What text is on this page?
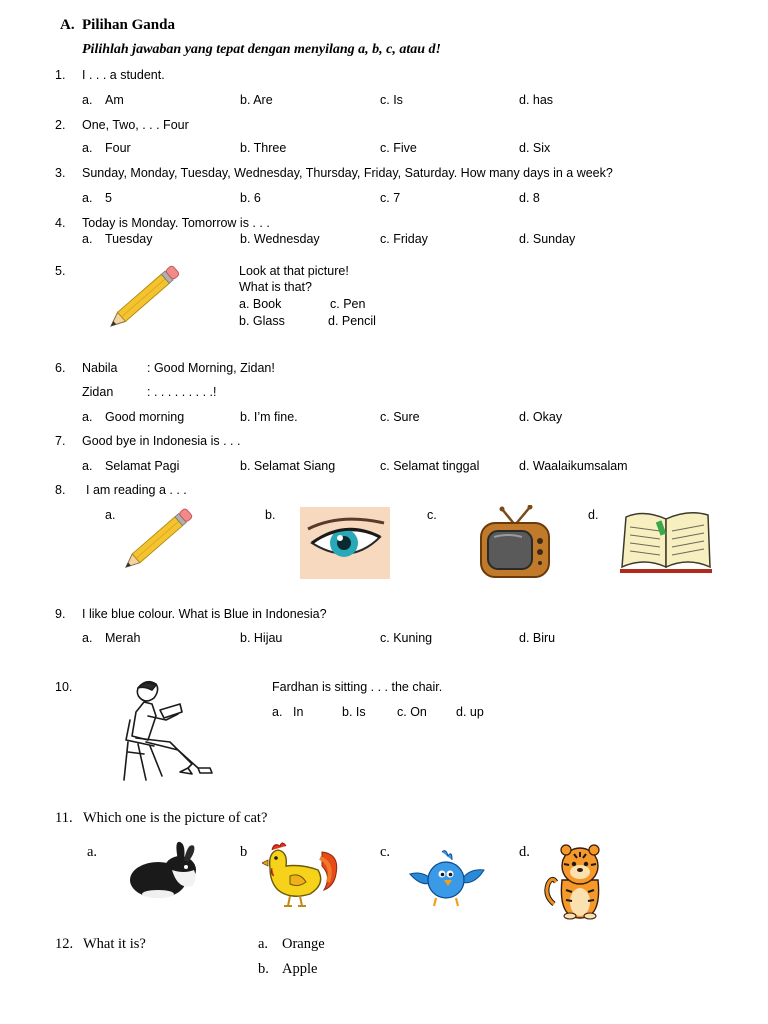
A. Pilihan Ganda
Pilihlah jawaban yang tepat dengan menyilang a, b, c, atau d!
1. I . . . a student.
a. Am	b. Are	c. Is	d. has
2. One, Two, . . . Four
a. Four	b. Three	c. Five	d. Six
3. Sunday, Monday, Tuesday, Wednesday, Thursday, Friday, Saturday. How many days in a week?
a. 5	b. 6	c. 7	d. 8
4. Today is Monday. Tomorrow is . . .
a. Tuesday	b. Wednesday	c. Friday	d. Sunday
5.	Look at that picture!
What is that?
a. Book	c. Pen
b. Glass	d. Pencil
6. Nabila : Good Morning, Zidan!
Zidan	: . . . . . . . . .!
a. Good morning	b. I’m fine.	c. Sure	d. Okay
7. Good bye in Indonesia is . . .
a. Selamat Pagi	b. Selamat Siang	c. Selamat tinggal	d. Waalaikumsalam
8. I am reading a . . .
a.	b.	c.	d.
9. I like blue colour. What is Blue in Indonesia?
a. Merah	b. Hijau	c. Kuning	d. Biru
10.	Fardhan is sitting . . . the chair.
a. In	b. Is	c. On d. up
11. Which one is the picture of cat?
a.	b	c.	d.
12. What it is?	a. Orange
b. Apple
